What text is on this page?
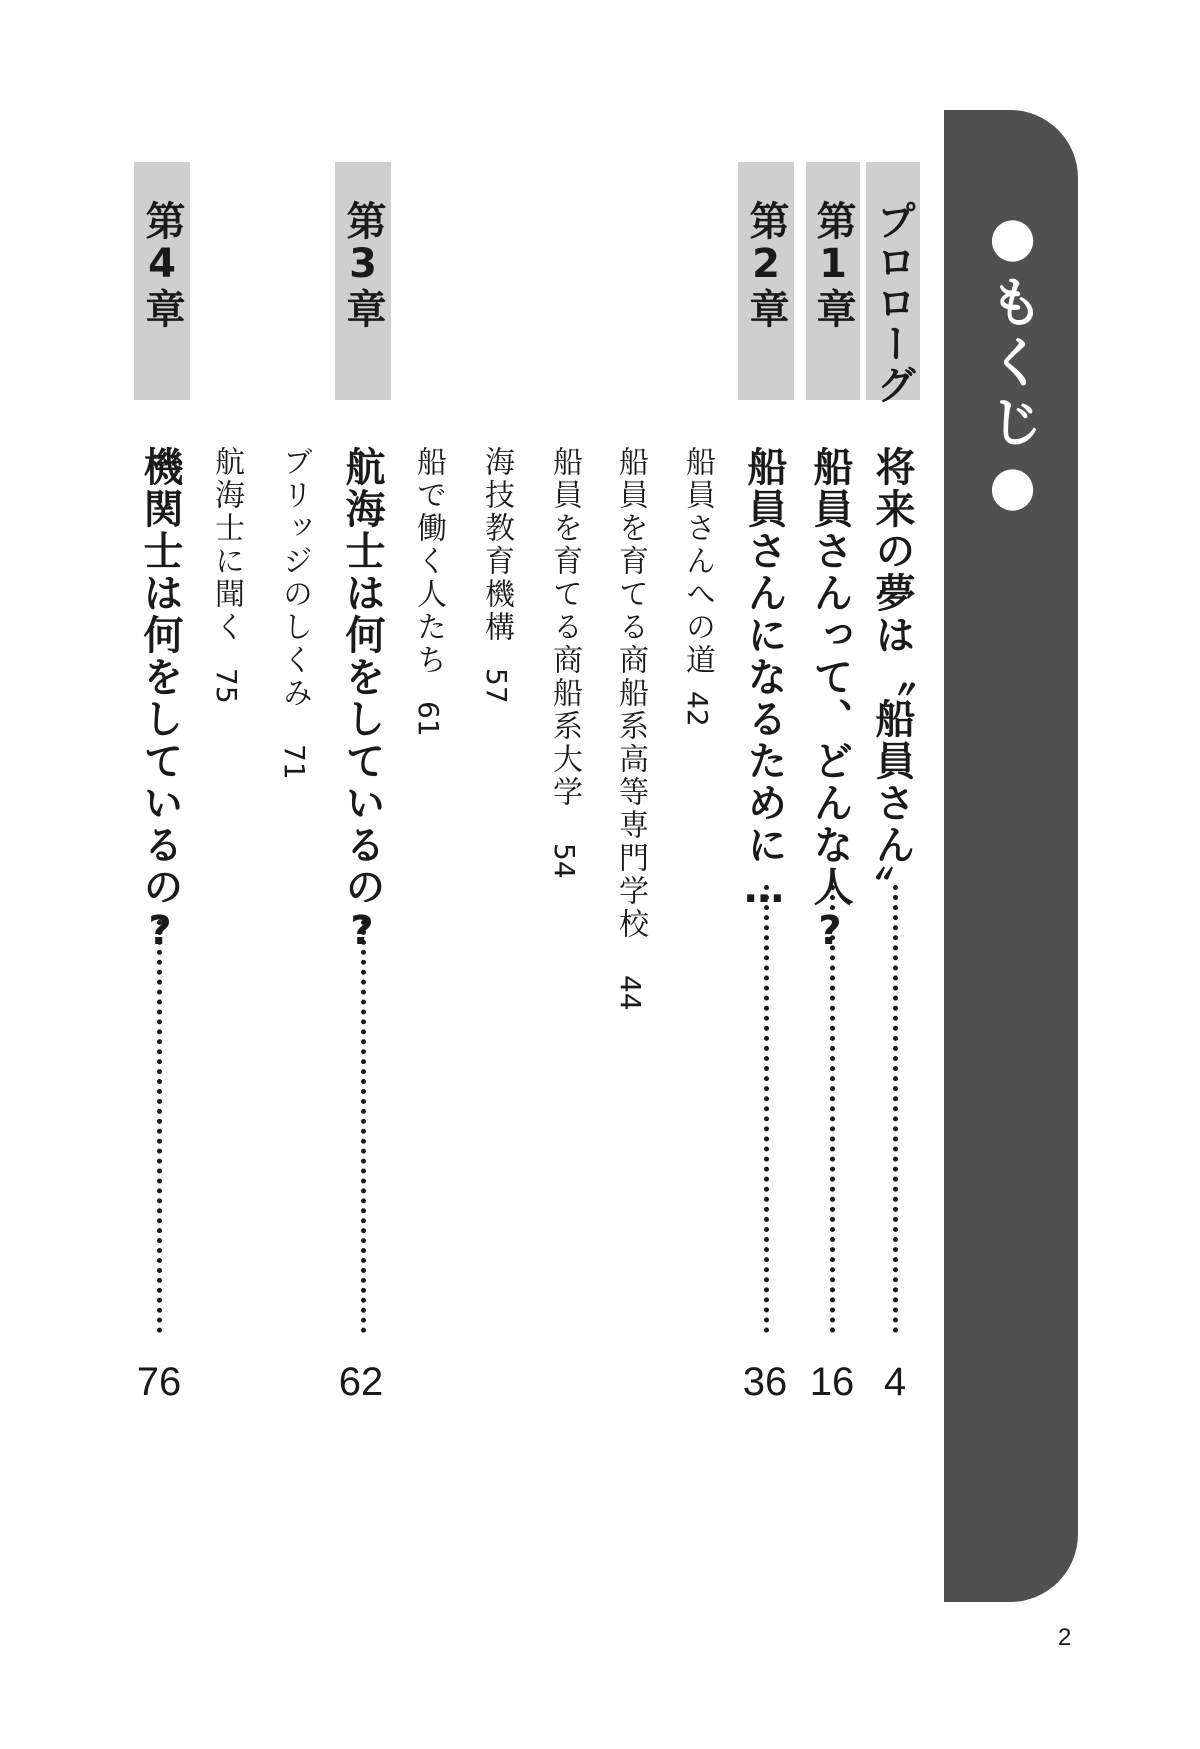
●もくじ●
プロローグ
第1章
第2章
第3章
第4章
将来の夢は〝船員さん〟
4
船員さんって、どんな人?
16
船員さんになるために…
36
船員さんへの道42
船員を育てる商船系高等専門学校44
船員を育てる商船系大学54
海技教育機構57
船で働く人たち61
航海士は何をしているの?
62
ブリッジのしくみ71
航海士に聞く75
機関士は何をしているの?
76
2
